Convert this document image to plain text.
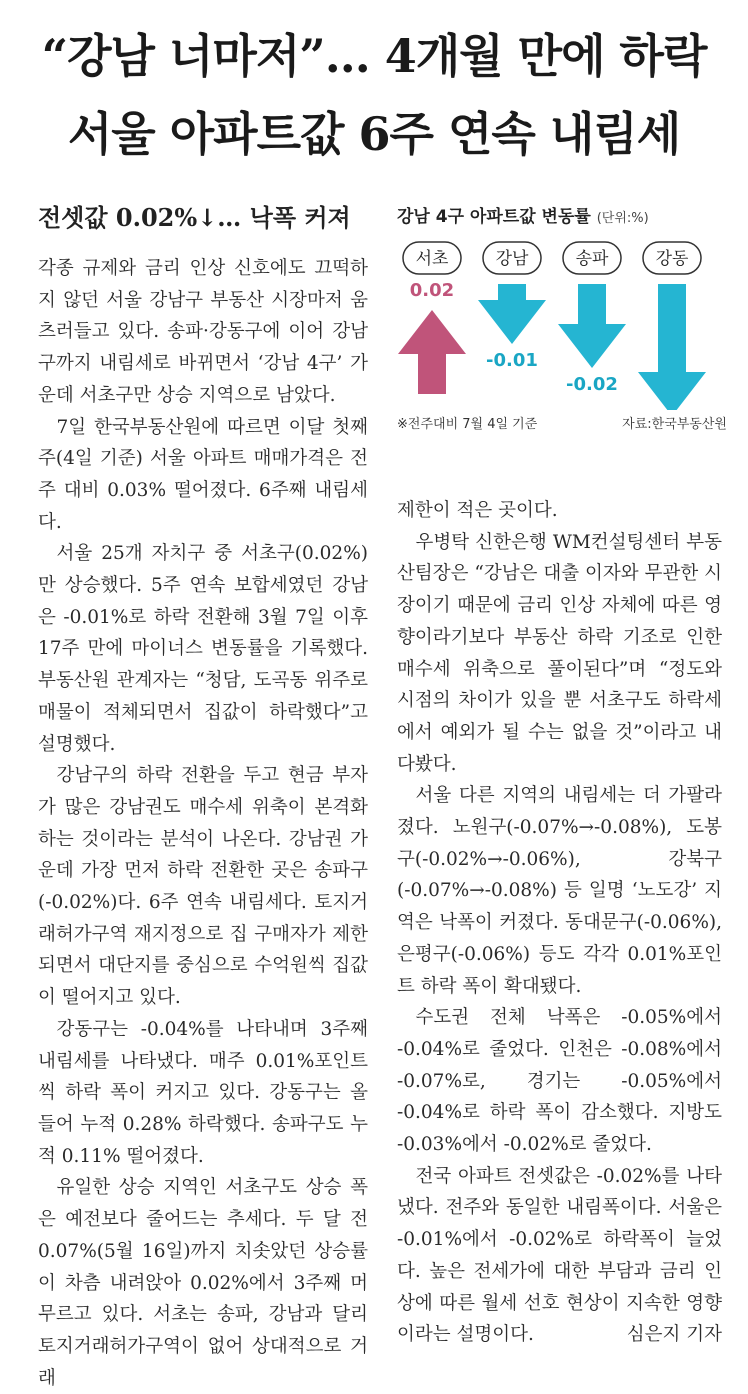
“강남 너마저”… 4개월 만에 하락
서울 아파트값 6주 연속 내림세
전셋값 0.02%↓… 낙폭 커져

각종 규제와 금리 인상 신호에도 끄떡하지 않던 서울 강남구 부동산 시장마저 움츠러들고 있다. 송파·강동구에 이어 강남구까지 내림세로 바뀌면서 ‘강남 4구’ 가운데 서초구만 상승 지역으로 남았다.

7일 한국부동산원에 따르면 이달 첫째주(4일 기준) 서울 아파트 매매가격은 전주 대비 0.03% 떨어졌다. 6주째 내림세다.

서울 25개 자치구 중 서초구(0.02%)만 상승했다. 5주 연속 보합세였던 강남은 -0.01%로 하락 전환해 3월 7일 이후 17주 만에 마이너스 변동률을 기록했다. 부동산원 관계자는 “청담, 도곡동 위주로 매물이 적체되면서 집값이 하락했다”고 설명했다.

강남구의 하락 전환을 두고 현금 부자가 많은 강남권도 매수세 위축이 본격화하는 것이라는 분석이 나온다. 강남권 가운데 가장 먼저 하락 전환한 곳은 송파구(-0.02%)다. 6주 연속 내림세다. 토지거래허가구역 재지정으로 집 구매자가 제한되면서 대단지를 중심으로 수억원씩 집값이 떨어지고 있다.

강동구는 -0.04%를 나타내며 3주째 내림세를 나타냈다. 매주 0.01%포인트씩 하락 폭이 커지고 있다. 강동구는 올 들어 누적 0.28% 하락했다. 송파구도 누적 0.11% 떨어졌다.

유일한 상승 지역인 서초구도 상승 폭은 예전보다 줄어드는 추세다. 두 달 전 0.07%(5월 16일)까지 치솟았던 상승률이 차츰 내려앉아 0.02%에서 3주째 머무르고 있다. 서초는 송파, 강남과 달리 토지거래허가구역이 없어 상대적으로 거래

강남 4구 아파트값 변동률 (단위:%)
서초
0.02
강남
-0.01
송파
-0.02
강동
※전주대비 7월 4일 기준	자료:한국부동산원

제한이 적은 곳이다.

우병탁 신한은행 WM컨설팅센터 부동산팀장은 “강남은 대출 이자와 무관한 시장이기 때문에 금리 인상 자체에 따른 영향이라기보다 부동산 하락 기조로 인한 매수세 위축으로 풀이된다”며 “정도와 시점의 차이가 있을 뿐 서초구도 하락세에서 예외가 될 수는 없을 것”이라고 내다봤다.

서울 다른 지역의 내림세는 더 가팔라졌다. 노원구(-0.07%→-0.08%), 도봉구(-0.02%→-0.06%), 강북구(-0.07%→-0.08%) 등 일명 ‘노도강’ 지역은 낙폭이 커졌다. 동대문구(-0.06%), 은평구(-0.06%) 등도 각각 0.01%포인트 하락 폭이 확대됐다.

수도권 전체 낙폭은 -0.05%에서 -0.04%로 줄었다. 인천은 -0.08%에서 -0.07%로, 경기는 -0.05%에서 -0.04%로 하락 폭이 감소했다. 지방도 -0.03%에서 -0.02%로 줄었다.

전국 아파트 전셋값은 -0.02%를 나타냈다. 전주와 동일한 내림폭이다. 서울은 -0.01%에서 -0.02%로 하락폭이 늘었다. 높은 전세가에 대한 부담과 금리 인상에 따른 월세 선호 현상이 지속한 영향이라는 설명이다.	심은지 기자
